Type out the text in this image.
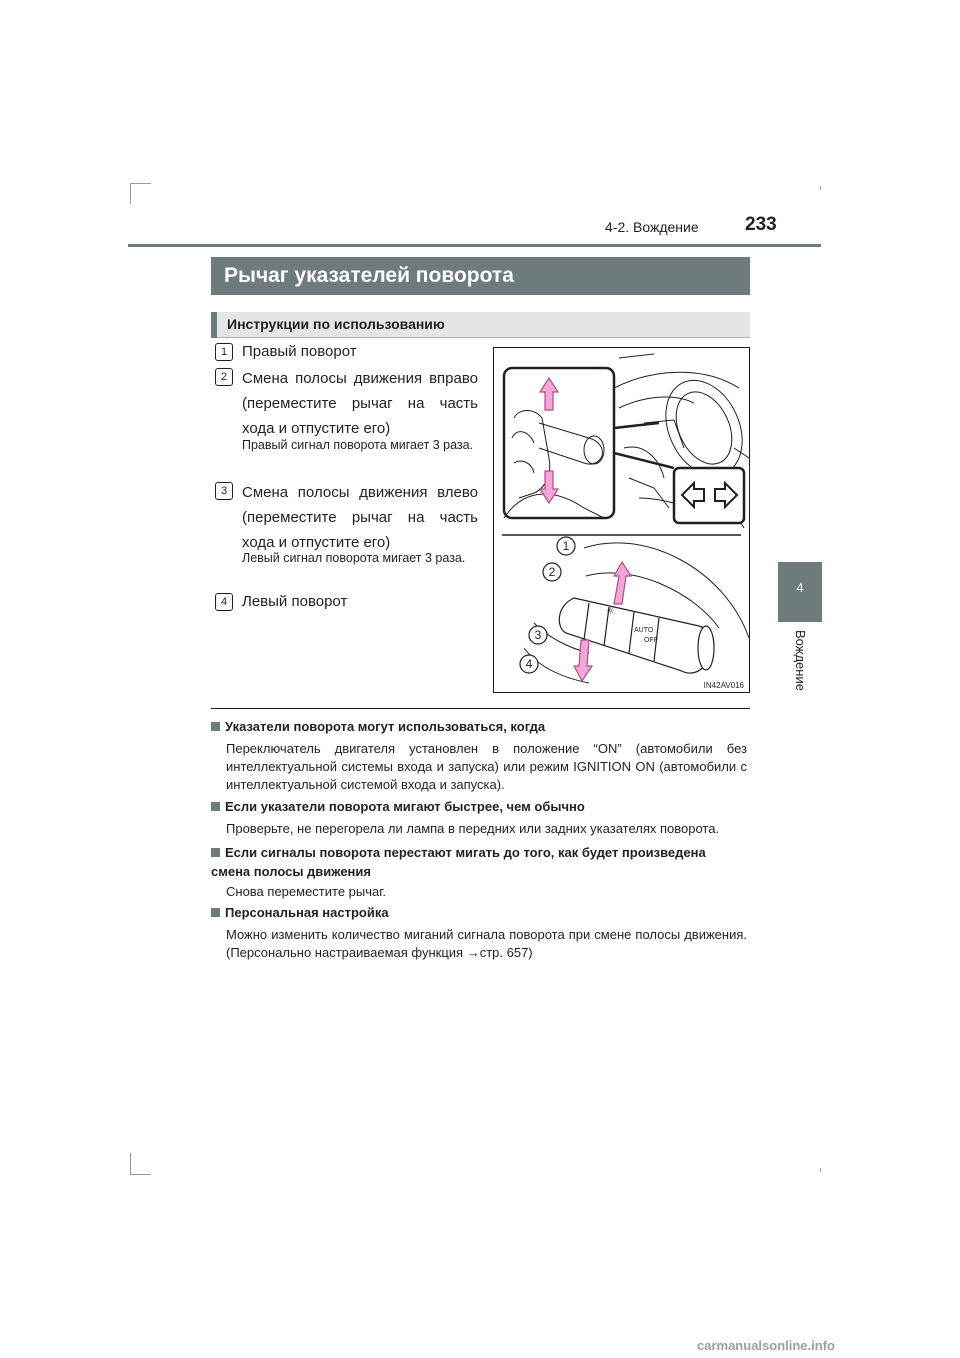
4-2. Вождение 233
4
Вождение
Рычаг указателей поворота
Инструкции по использованию
1 Правый поворот
2 Смена полосы движения вправо (переместите рычаг на часть хода и отпустите его)
Правый сигнал поворота мигает 3 раза.
3 Смена полосы движения влево (переместите рычаг на часть хода и отпустите его)
Левый сигнал поворота мигает 3 раза.
4 Левый поворот
☼
AUTO
OFF
1
2
3
4
IN42AV016
Указатели поворота могут использоваться, когда
Переключатель двигателя установлен в положение “ON” (автомобили без интеллектуальной системы входа и запуска) или режим IGNITION ON (автомобили с интеллектуальной системой входа и запуска).
Если указатели поворота мигают быстрее, чем обычно
Проверьте, не перегорела ли лампа в передних или задних указателях поворота.
Если сигналы поворота перестают мигать до того, как будет произведена смена полосы движения
Снова переместите рычаг.
Персональная настройка
Можно изменить количество миганий сигнала поворота при смене полосы движения. (Персонально настраиваемая функция →стр. 657)
carmanualsonline.info
